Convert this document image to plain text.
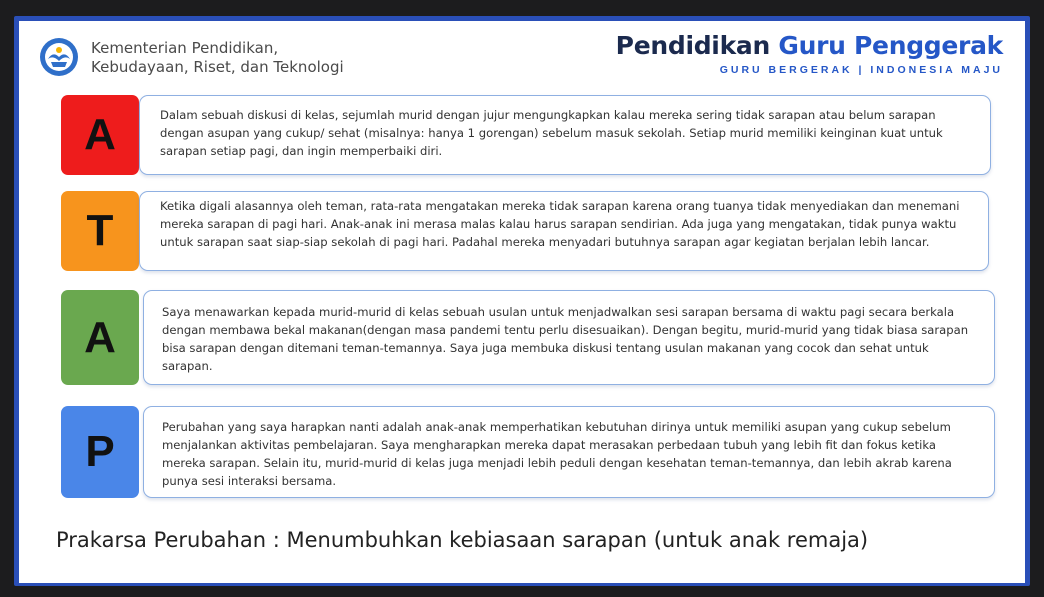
Kementerian Pendidikan,
Kebudayaan, Riset, dan Teknologi
Pendidikan Guru Penggerak
GURU BERGERAK | INDONESIA MAJU
A	Dalam sebuah diskusi di kelas, sejumlah murid dengan jujur mengungkapkan kalau mereka sering tidak sarapan atau belum sarapan dengan asupan yang cukup/ sehat (misalnya: hanya 1 gorengan) sebelum masuk sekolah. Setiap murid memiliki keinginan kuat untuk sarapan setiap pagi, dan ingin memperbaiki diri.
T	Ketika digali alasannya oleh teman, rata-rata mengatakan mereka tidak sarapan karena orang tuanya tidak menyediakan dan menemani mereka sarapan di pagi hari. Anak-anak ini merasa malas kalau harus sarapan sendirian. Ada juga yang mengatakan, tidak punya waktu untuk sarapan saat siap-siap sekolah di pagi hari. Padahal mereka menyadari butuhnya sarapan agar kegiatan berjalan lebih lancar.
A
Saya menawarkan kepada murid-murid di kelas sebuah usulan untuk menjadwalkan sesi sarapan bersama di waktu pagi secara berkala dengan membawa bekal makanan(dengan masa pandemi tentu perlu disesuaikan). Dengan begitu, murid-murid yang tidak biasa sarapan bisa sarapan dengan ditemani teman-temannya. Saya juga membuka diskusi tentang usulan makanan yang cocok dan sehat untuk sarapan.
P	Perubahan yang saya harapkan nanti adalah anak-anak memperhatikan kebutuhan dirinya untuk memiliki asupan yang cukup sebelum menjalankan aktivitas pembelajaran. Saya mengharapkan mereka dapat merasakan perbedaan tubuh yang lebih fit dan fokus ketika mereka sarapan. Selain itu, murid-murid di kelas juga menjadi lebih peduli dengan kesehatan teman-temannya, dan lebih akrab karena punya sesi interaksi bersama.
Prakarsa Perubahan : Menumbuhkan kebiasaan sarapan (untuk anak remaja)
